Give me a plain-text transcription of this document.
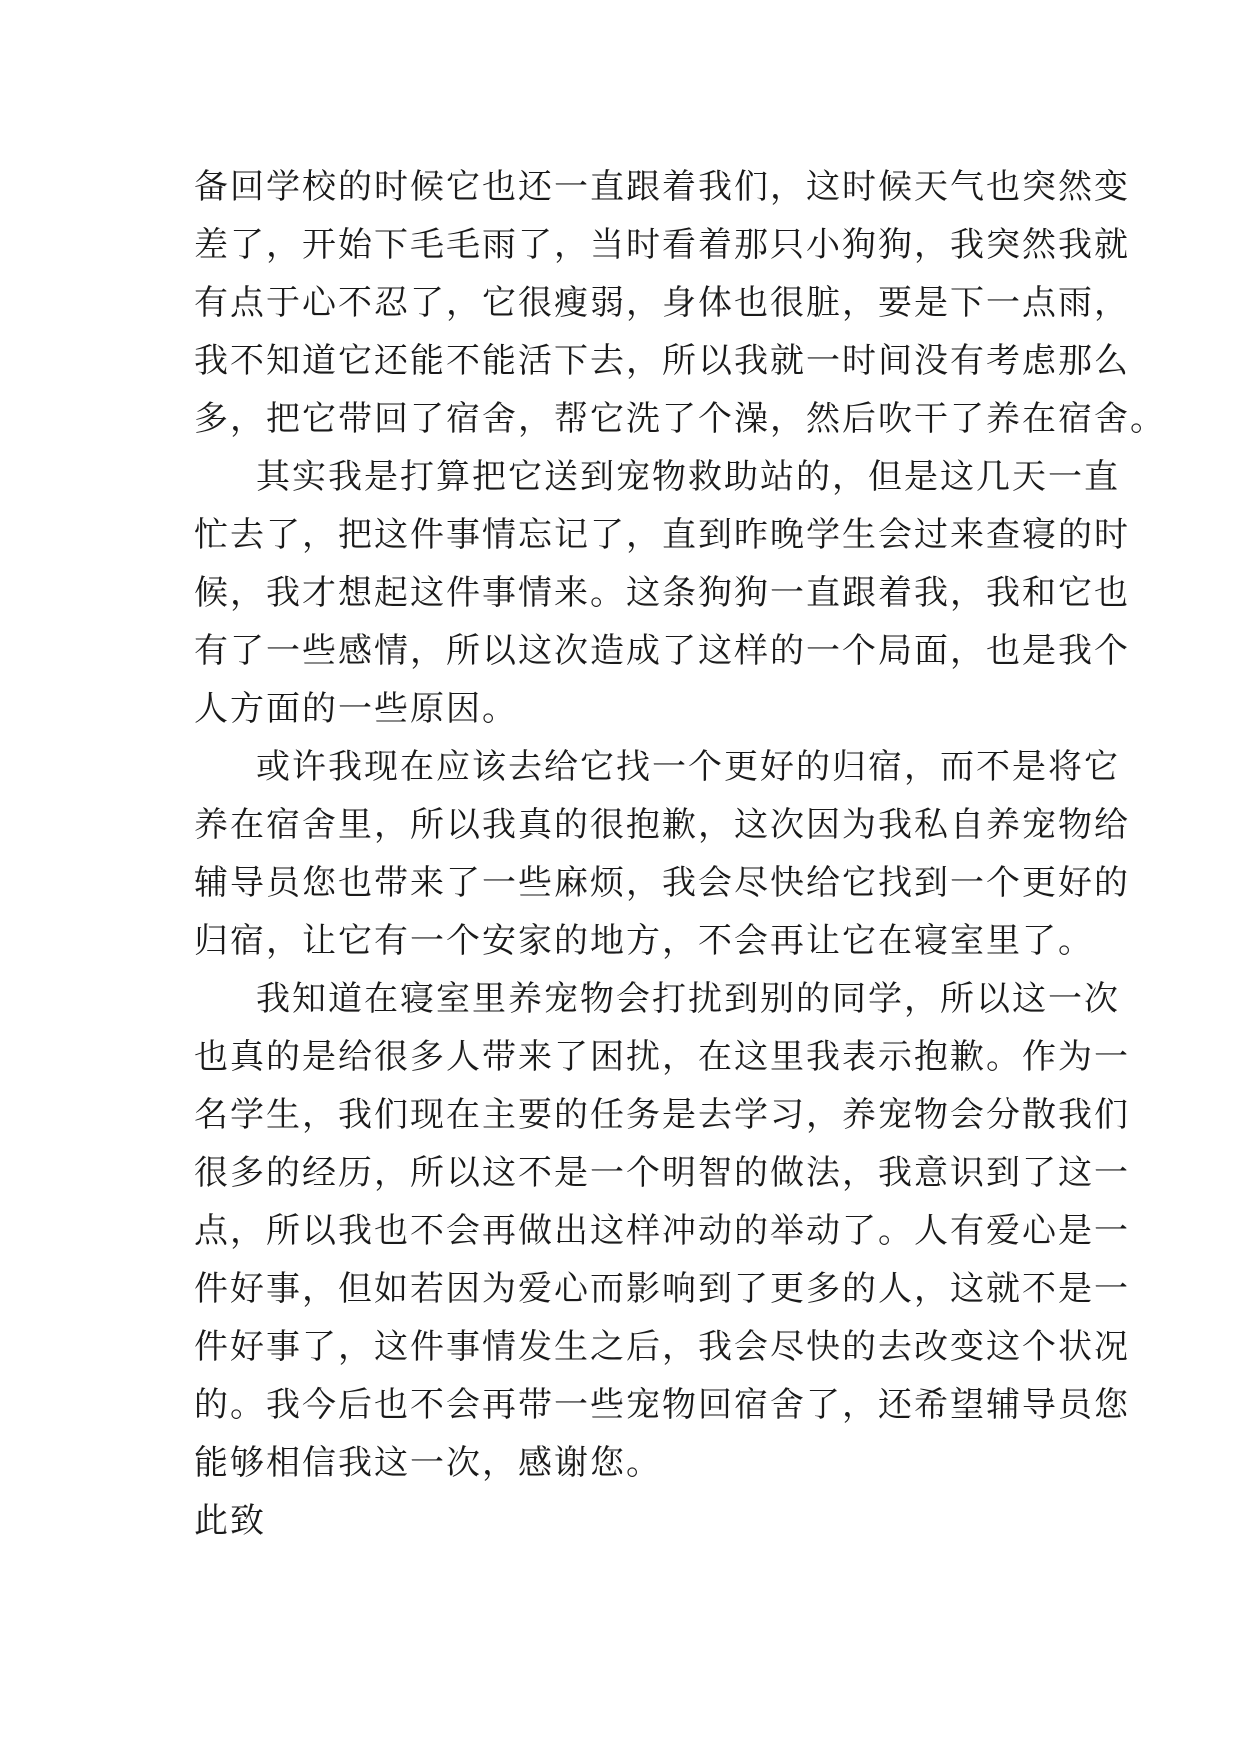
备回学校的时候它也还一直跟着我们，这时候天气也突然变
差了，开始下毛毛雨了，当时看着那只小狗狗，我突然我就
有点于心不忍了，它很瘦弱，身体也很脏，要是下一点雨，
我不知道它还能不能活下去，所以我就一时间没有考虑那么
多，把它带回了宿舍，帮它洗了个澡，然后吹干了养在宿舍。
其实我是打算把它送到宠物救助站的，但是这几天一直
忙去了，把这件事情忘记了，直到昨晚学生会过来查寝的时
候，我才想起这件事情来。这条狗狗一直跟着我，我和它也
有了一些感情，所以这次造成了这样的一个局面，也是我个
人方面的一些原因。
或许我现在应该去给它找一个更好的归宿，而不是将它
养在宿舍里，所以我真的很抱歉，这次因为我私自养宠物给
辅导员您也带来了一些麻烦，我会尽快给它找到一个更好的
归宿，让它有一个安家的地方，不会再让它在寝室里了。
我知道在寝室里养宠物会打扰到别的同学，所以这一次
也真的是给很多人带来了困扰，在这里我表示抱歉。作为一
名学生，我们现在主要的任务是去学习，养宠物会分散我们
很多的经历，所以这不是一个明智的做法，我意识到了这一
点，所以我也不会再做出这样冲动的举动了。人有爱心是一
件好事，但如若因为爱心而影响到了更多的人，这就不是一
件好事了，这件事情发生之后，我会尽快的去改变这个状况
的。我今后也不会再带一些宠物回宿舍了，还希望辅导员您
能够相信我这一次，感谢您。
此致
